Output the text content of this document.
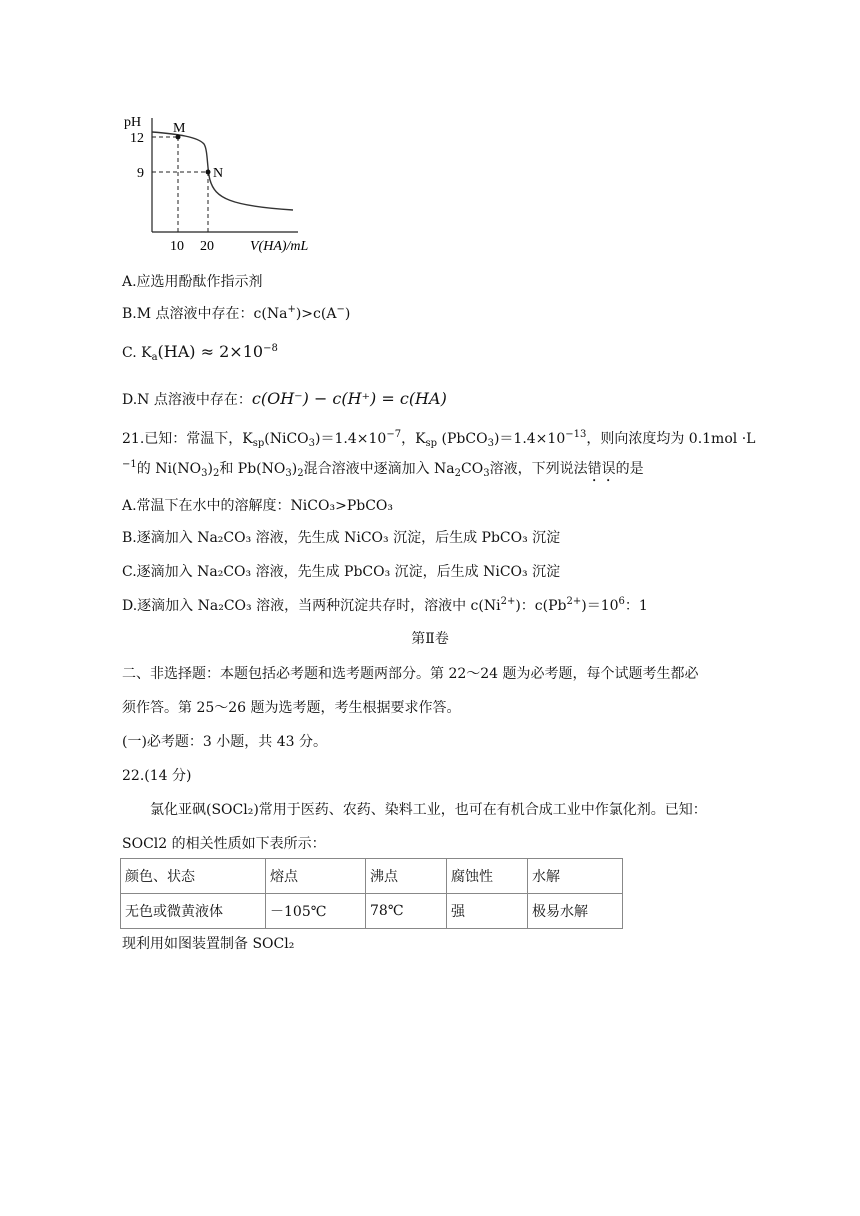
pH
12
9
10 20	V(HA)/mL
M
N
A.应选用酚酞作指示剂
B.M 点溶液中存在：c(Na+)>c(A−)
C. $K_a(HA) \approx 2\times 10^{-8}$
D.N 点溶液中存在：c(OH⁻) − c(H⁺) = c(HA)
21.已知：常温下，$K_{sp}(NiCO_3)=1.4\times 10^{-7}$，$K_{sp}$ $(PbCO_3)=1.4\times 10^{-13}$，则向浓度均为 0.1mol ·L
$^{-1}$的 $Ni(NO_3)_2$和 $Pb(NO_3)_2$混合溶液中逐滴加入 $Na_2CO_3$溶液，下列说法错误的是
A.常温下在水中的溶解度：NiCO₃>PbCO₃
B.逐滴加入 Na₂CO₃ 溶液，先生成 NiCO₃ 沉淀，后生成 PbCO₃ 沉淀
C.逐滴加入 Na₂CO₃ 溶液，先生成 PbCO₃ 沉淀，后生成 NiCO₃ 沉淀
D.逐滴加入 Na₂CO₃ 溶液，当两种沉淀共存时，溶液中 $c(Ni^{2+})$：$c(Pb^{2+})=10^6$：1
第Ⅱ卷
二、非选择题：本题包括必考题和选考题两部分。第 22～24 题为必考题，每个试题考生都必
须作答。第 25～26 题为选考题，考生根据要求作答。
(一)必考题：3 小题，共 43 分。
22.(14 分)
氯化亚砜(SOCl₂)常用于医药、农药、染料工业，也可在有机合成工业中作氯化剂。已知：
SOCl2 的相关性质如下表所示：
颜色、状态	熔点	沸点	腐蚀性	水解
无色或微黄液体	－105℃	78℃	强	极易水解
现利用如图装置制备 SOCl₂
